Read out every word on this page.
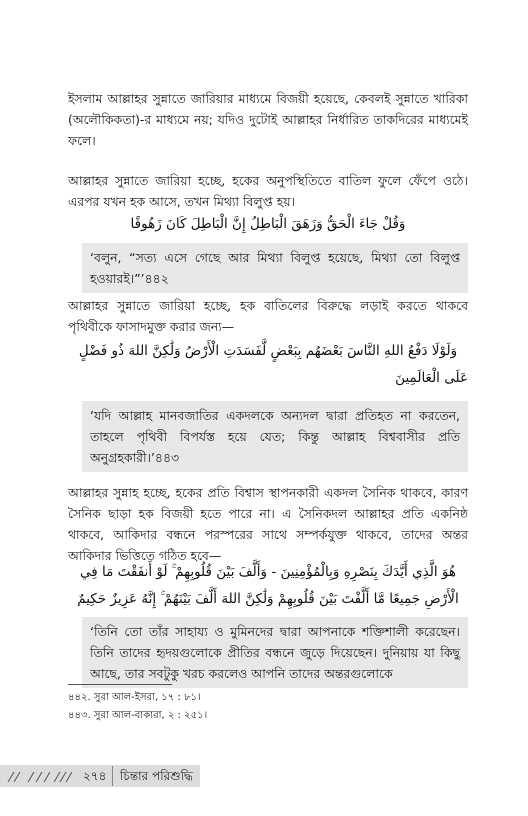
ইসলাম আল্লাহর সুন্নাতে জারিয়ার মাধ্যমে বিজয়ী হয়েছে, কেবলই সুন্নাতে খারিকা (অলৌকিকতা)-র মাধ্যমে নয়; যদিও দুটোই আল্লাহর নির্ধারিত তাকদিরের মাধ্যমেই ফলে।

আল্লাহর সুন্নাতে জারিয়া হচ্ছে, হকের অনুপস্থিতিতে বাতিল ফুলে ফেঁপে ওঠে। এরপর যখন হক আসে, তখন মিথ্যা বিলুপ্ত হয়।

وَقُلْ جَاءَ الْحَقُّ وَزَهَقَ الْبَاطِلُ إِنَّ الْبَاطِلَ كَانَ زَهُوقًا
‘বলুন, “সত্য এসে গেছে আর মিথ্যা বিলুপ্ত হয়েছে, মিথ্যা তো বিলুপ্ত হওয়ারই।”’৪৪২

আল্লাহর সুন্নাতে জারিয়া হচ্ছে, হক বাতিলের বিরুদ্ধে লড়াই করতে থাকবে পৃথিবীকে ফাসাদমুক্ত করার জন্য—

وَلَوْلَا دَفْعُ اللهِ النَّاسَ بَعْضَهُم بِبَعْضٍ لَّفَسَدَتِ الْأَرْضُ وَلَٰكِنَّ اللهَ ذُو فَضْلٍ
عَلَى الْعَالَمِينَ
‘যদি আল্লাহ মানবজাতির একদলকে অন্যদল দ্বারা প্রতিহত না করতেন, তাহলে পৃথিবী বিপর্যস্ত হয়ে যেত; কিন্তু আল্লাহ বিশ্ববাসীর প্রতি অনুগ্রহকারী।’৪৪৩

আল্লাহর সুন্নাহ হচ্ছে, হকের প্রতি বিশ্বাস স্থাপনকারী একদল সৈনিক থাকবে, কারণ সৈনিক ছাড়া হক বিজয়ী হতে পারে না। এ সৈনিকদল আল্লাহর প্রতি একনিষ্ঠ থাকবে, আকিদার বন্ধনে পরস্পরের সাথে সম্পর্কযুক্ত থাকবে, তাদের অন্তর আকিদার ভিত্তিতে গঠিত হবে—

هُوَ الَّذِي أَيَّدَكَ بِنَصْرِهِ وَبِالْمُؤْمِنِينَ - وَأَلَّفَ بَيْنَ قُلُوبِهِمْ ۚ لَوْ أَنفَقْتَ مَا فِي
الْأَرْضِ جَمِيعًا مَّا أَلَّفْتَ بَيْنَ قُلُوبِهِمْ وَلَٰكِنَّ اللهَ أَلَّفَ بَيْنَهُمْ ۚ إِنَّهُ عَزِيزٌ حَكِيمٌ
‘তিনি তো তাঁর সাহায্য ও মুমিনদের দ্বারা আপনাকে শক্তিশালী করেছেন। তিনি তাদের হৃদয়গুলোকে প্রীতির বন্ধনে জুড়ে দিয়েছেন। দুনিয়ায় যা কিছু আছে, তার সবটুকু খরচ করলেও আপনি তাদের অন্তরগুলোকে
৪৪২. সুরা আল-ইসরা, ১৭ : ৮১।
৪৪৩. সুরা আল-বাকারা, ২ : ২৫১।
২৭৪ চিন্তার পরিশুদ্ধি
